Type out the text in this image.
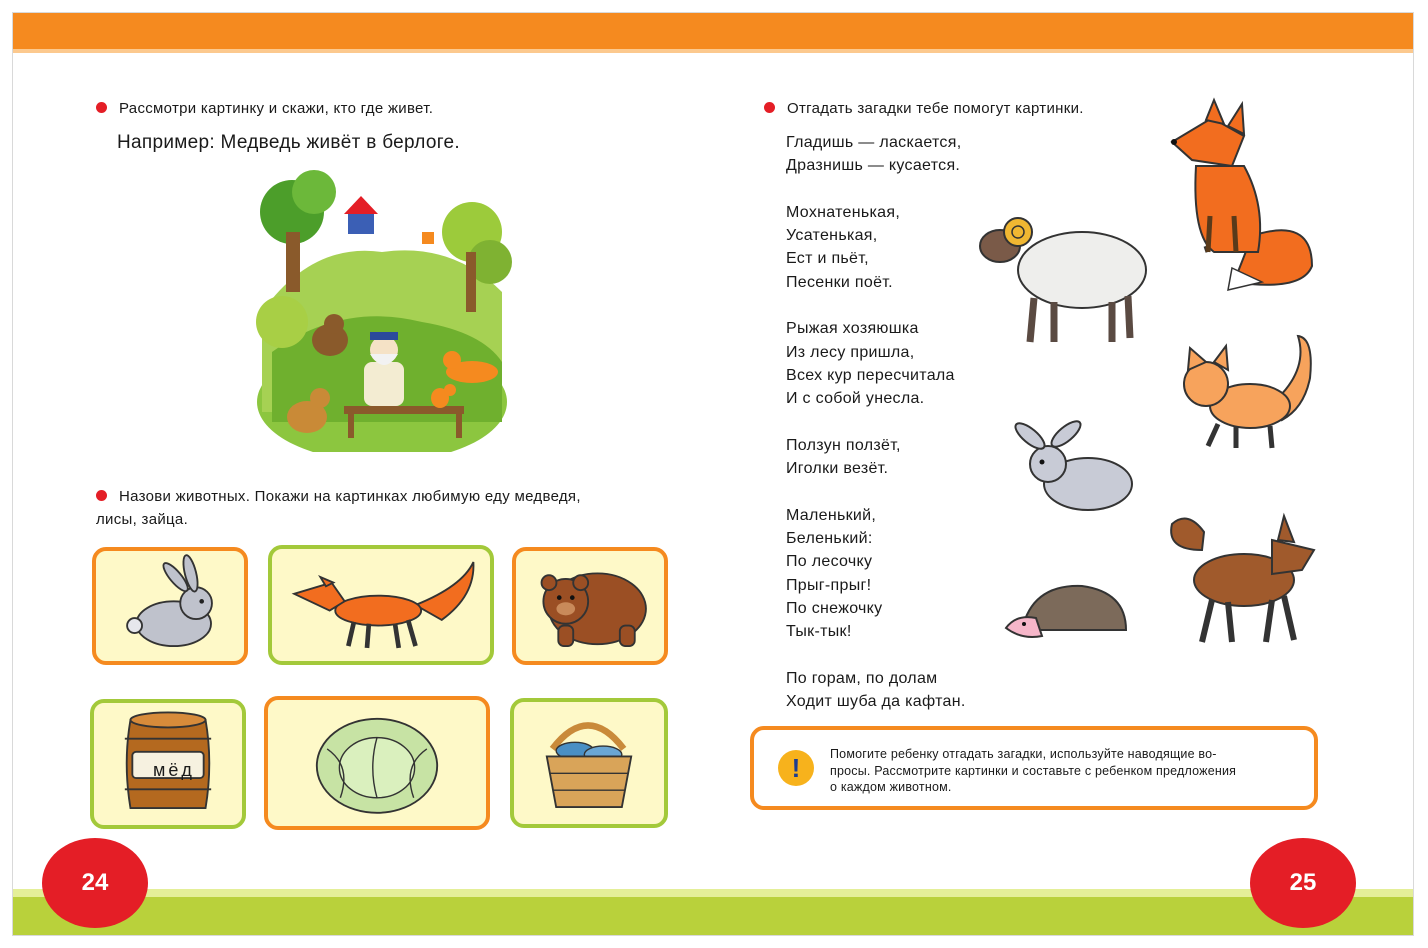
Рассмотри картинку и скажи, кто где живет.
Например: Медведь живёт в берлоге.
Назови животных. Покажи на картинках любимую еду медведя,
лисы, зайца.
мёд
24
Отгадать загадки тебе помогут картинки.
Гладишь — ласкается,
Дразнишь — кусается.
Мохнатенькая,
Усатенькая,
Ест и пьёт,
Песенки поёт.
Рыжая хозяюшка
Из лесу пришла,
Всех кур пересчитала
И с собой унесла.
Ползун ползёт,
Иголки везёт.
Маленький,
Беленький:
По лесочку
Прыг-прыг!
По снежочку
Тык-тык!
По горам, по долам
Ходит шуба да кафтан.
!	Помогите ребенку отгадать загадки, используйте наводящие во-
просы. Рассмотрите картинки и составьте с ребенком предложения
о каждом животном.
25
